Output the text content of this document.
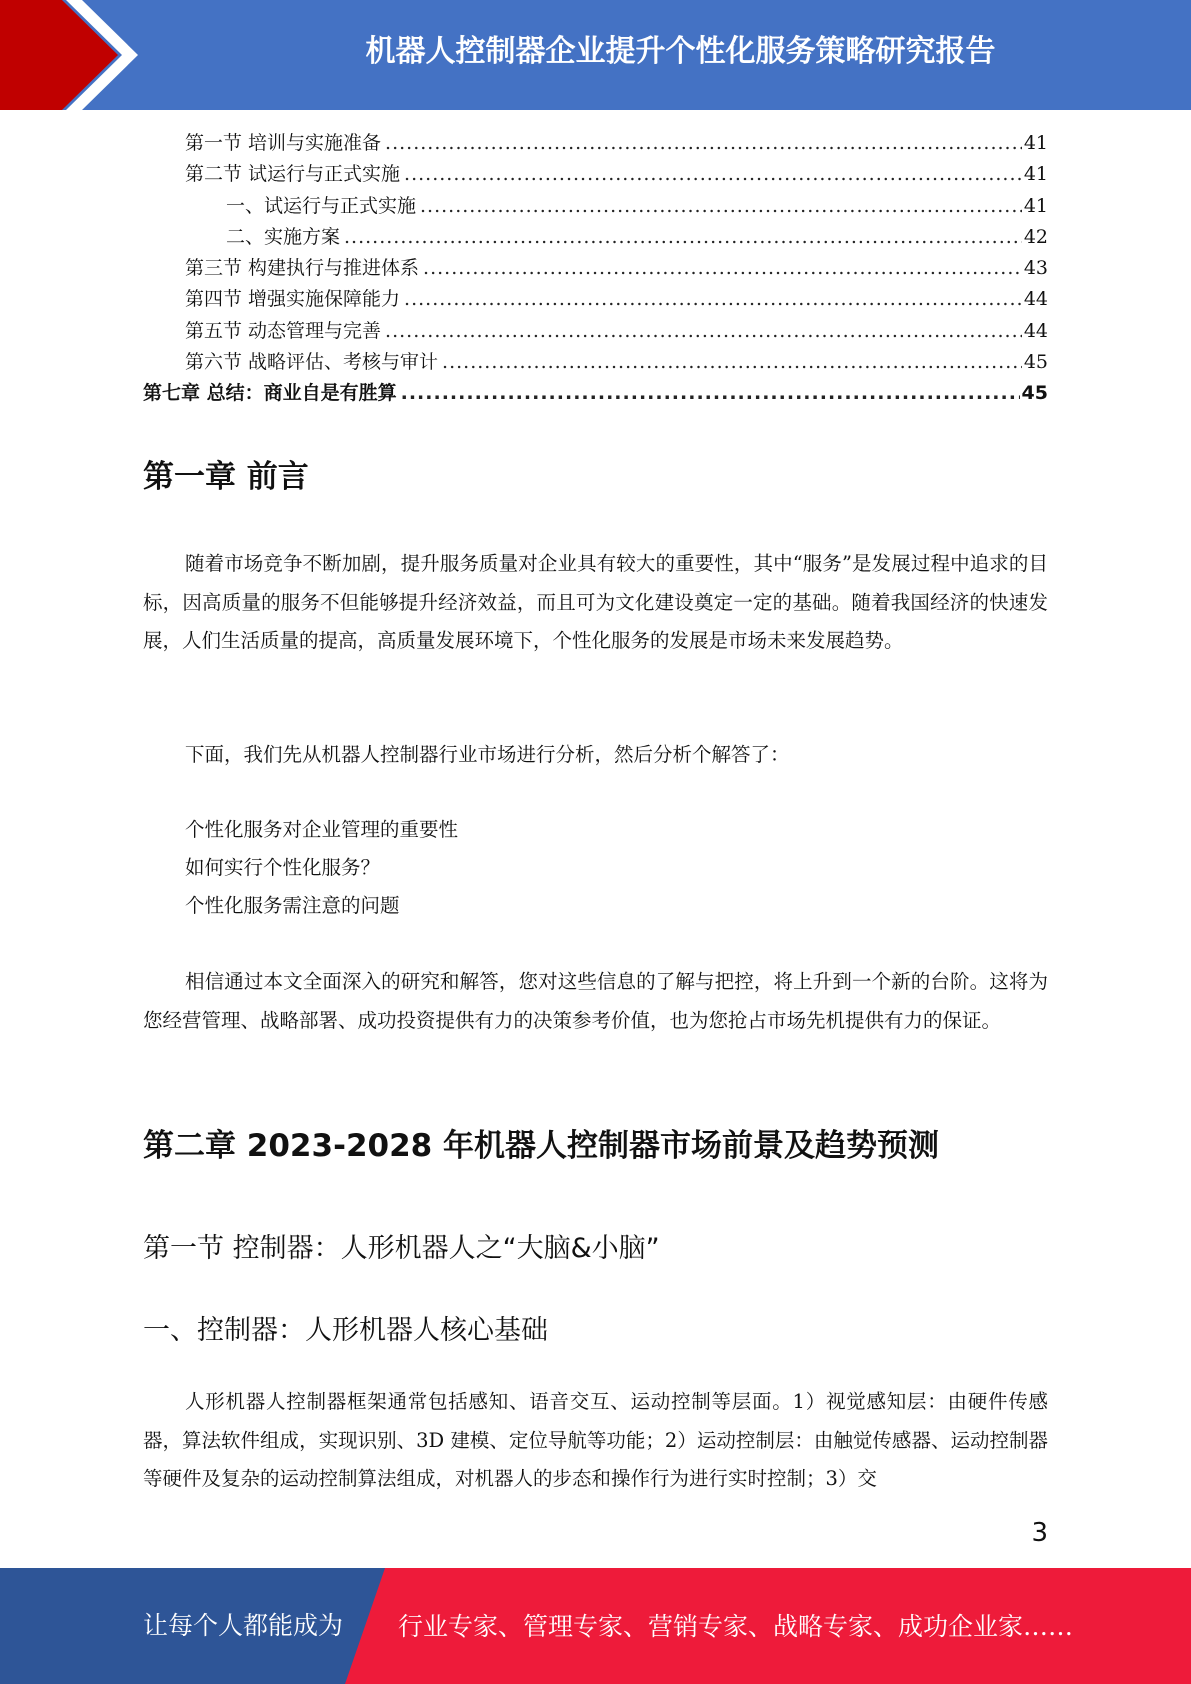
机器人控制器企业提升个性化服务策略研究报告
第一节 培训与实施准备 .....	41
第二节 试运行与正式实施 .....	41
一、试运行与正式实施 .....	41
二、实施方案 .....	42
第三节 构建执行与推进体系 .....	43
第四节 增强实施保障能力 .....	44
第五节 动态管理与完善 .....	44
第六节 战略评估、考核与审计 .....	45
第七章 总结：商业自是有胜算 .....	45
第一章 前言
随着市场竞争不断加剧，提升服务质量对企业具有较大的重要性，其中“服务”是发展过程中追求的目标，因高质量的服务不但能够提升经济效益，而且可为文化建设奠定一定的基础。随着我国经济的快速发展，人们生活质量的提高，高质量发展环境下，个性化服务的发展是市场未来发展趋势。
下面，我们先从机器人控制器行业市场进行分析，然后分析个解答了：
个性化服务对企业管理的重要性
如何实行个性化服务？
个性化服务需注意的问题
相信通过本文全面深入的研究和解答，您对这些信息的了解与把控，将上升到一个新的台阶。这将为您经营管理、战略部署、成功投资提供有力的决策参考价值，也为您抢占市场先机提供有力的保证。
第二章 2023-2028 年机器人控制器市场前景及趋势预测
第一节 控制器：人形机器人之“大脑&小脑”
一、控制器：人形机器人核心基础
人形机器人控制器框架通常包括感知、语音交互、运动控制等层面。1）视觉感知层：由硬件传感器，算法软件组成，实现识别、3D 建模、定位导航等功能；2）运动控制层：由触觉传感器、运动控制器等硬件及复杂的运动控制算法组成，对机器人的步态和操作行为进行实时控制；3）交
3
让每个人都能成为 行业专家、管理专家、营销专家、战略专家、成功企业家……
